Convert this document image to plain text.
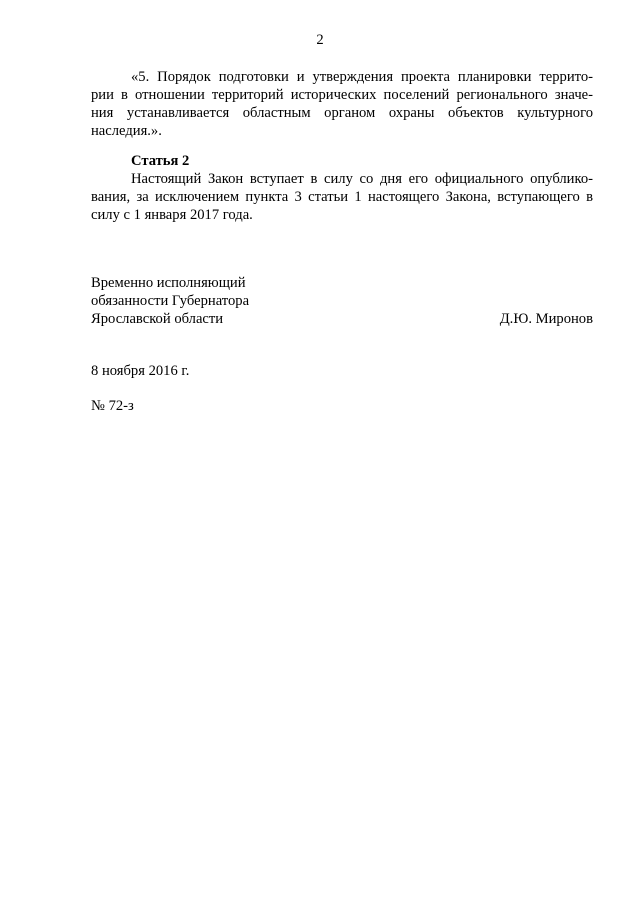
2
«5. Порядок подготовки и утверждения проекта планировки террито-
рии в отношении территорий исторических поселений регионального значе-
ния устанавливается областным органом охраны объектов культурного
наследия.».
Статья 2
Настоящий Закон вступает в силу со дня его официального опублико-
вания, за исключением пункта 3 статьи 1 настоящего Закона, вступающего в
силу с 1 января 2017 года.
Временно исполняющий
обязанности Губернатора
Ярославской области	Д.Ю. Миронов
8 ноября 2016 г.
№ 72-з
